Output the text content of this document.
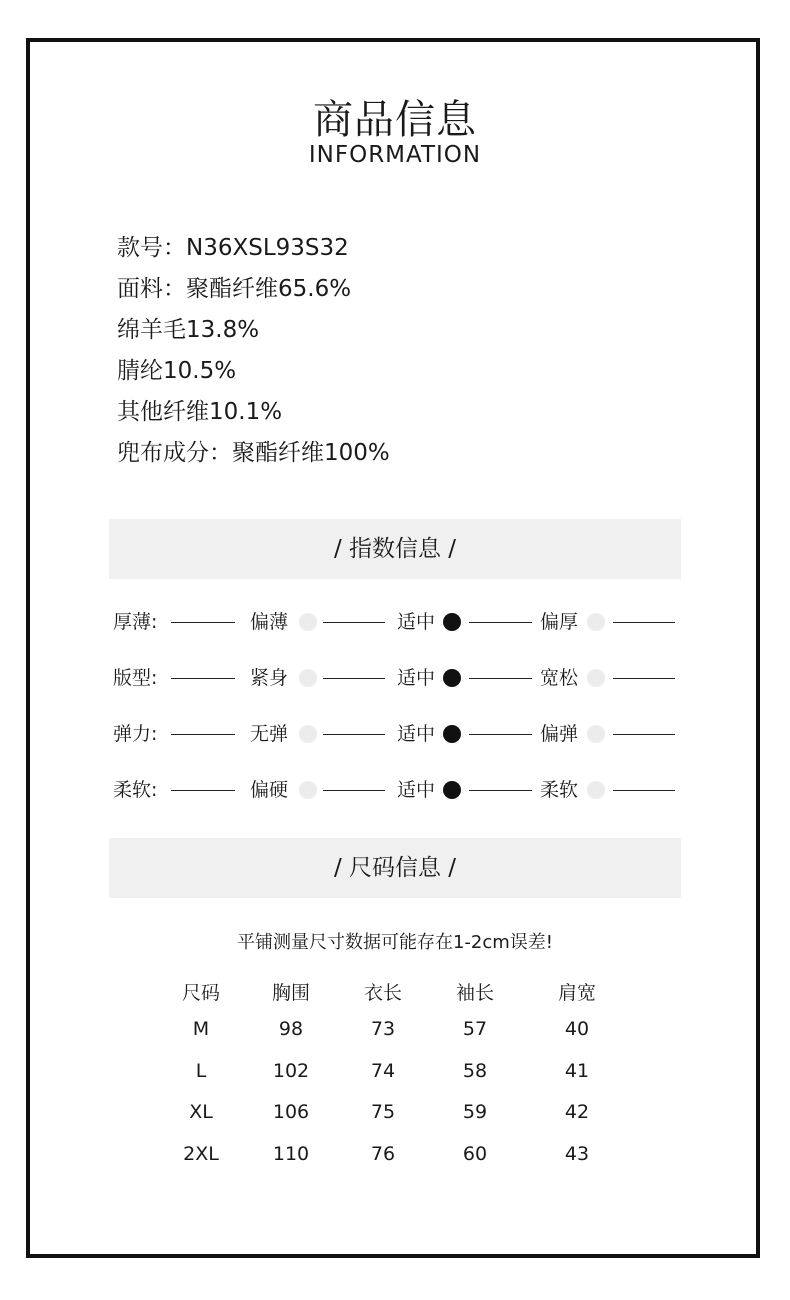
商品信息
INFORMATION
款号：N36XSL93S32
面料：聚酯纤维65.6%
绵羊毛13.8%
腈纶10.5%
其他纤维10.1%
兜布成分：聚酯纤维100%
/ 指数信息 /
厚薄:	偏薄	适中	偏厚
版型:	紧身	适中	宽松
弹力:	无弹	适中	偏弹
柔软:	偏硬	适中	柔软
/ 尺码信息 /
平铺测量尺寸数据可能存在1-2cm误差!
尺码	胸围	衣长	袖长	肩宽
M	98	73	57	40
L	102	74	58	41
XL	106	75	59	42
2XL	110	76	60	43
